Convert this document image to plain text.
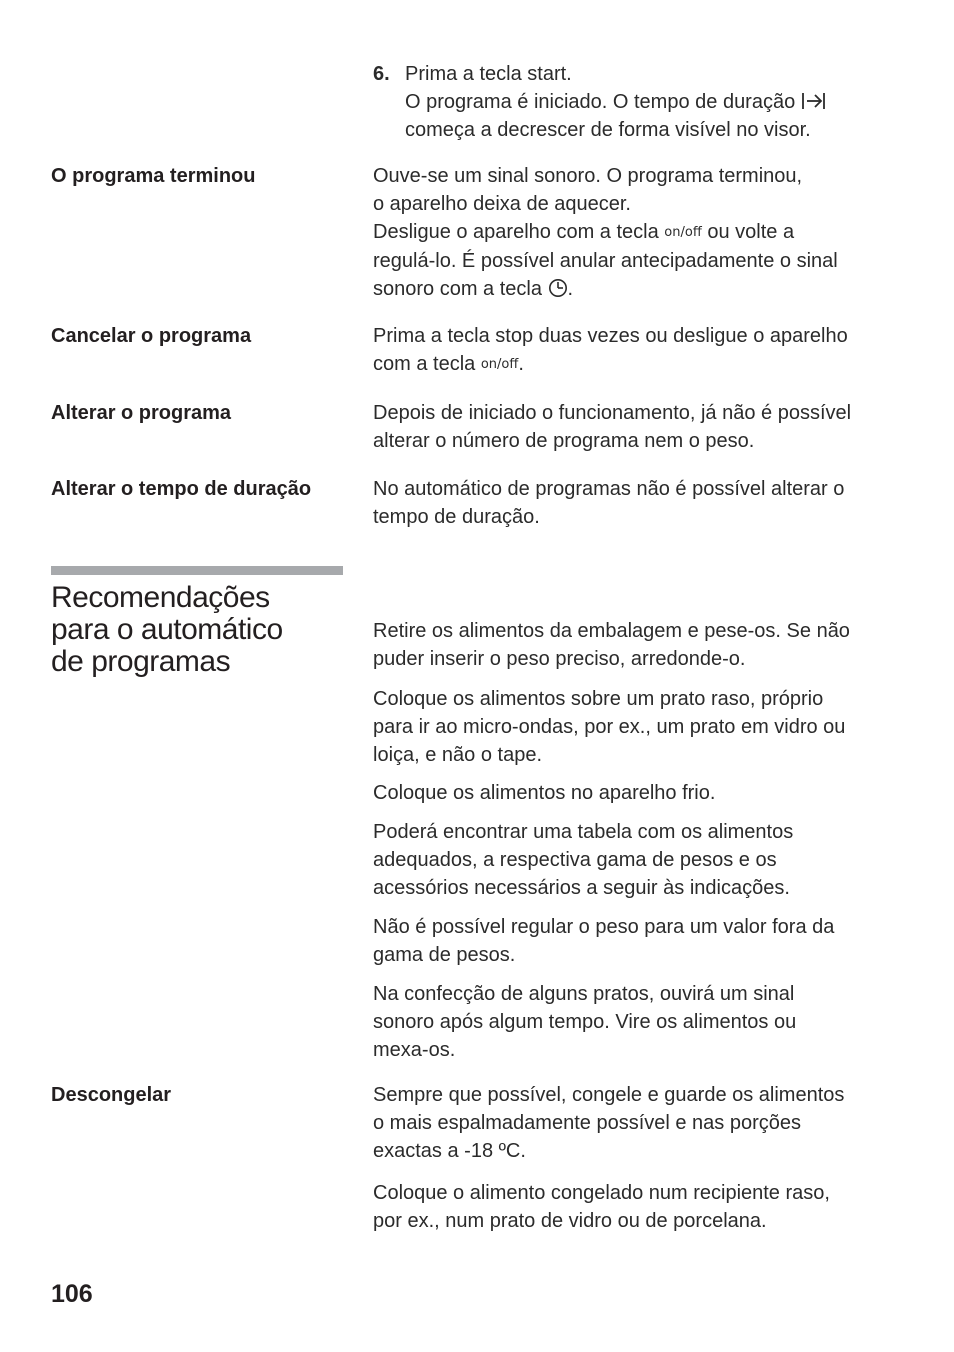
6. Prima a tecla start.
O programa é iniciado. O tempo de duração
começa a decrescer de forma visível no visor.
O programa terminou	Ouve-se um sinal sonoro. O programa terminou,
o aparelho deixa de aquecer.
Desligue o aparelho com a tecla on/off ou volte a
regulá-lo. É possível anular antecipadamente o sinal
sonoro com a tecla .
Cancelar o programa	Prima a tecla stop duas vezes ou desligue o aparelho
com a tecla on/off.
Alterar o programa	Depois de iniciado o funcionamento, já não é possível
alterar o número de programa nem o peso.
Alterar o tempo de duração	No automático de programas não é possível alterar o
tempo de duração.
Recomendações
para o automático
de programas
Retire os alimentos da embalagem e pese-os. Se não
puder inserir o peso preciso, arredonde-o.
Coloque os alimentos sobre um prato raso, próprio
para ir ao micro-ondas, por ex., um prato em vidro ou
loiça, e não o tape.
Coloque os alimentos no aparelho frio.
Poderá encontrar uma tabela com os alimentos
adequados, a respectiva gama de pesos e os
acessórios necessários a seguir às indicações.
Não é possível regular o peso para um valor fora da
gama de pesos.
Na confecção de alguns pratos, ouvirá um sinal
sonoro após algum tempo. Vire os alimentos ou
mexa-os.
Descongelar	Sempre que possível, congele e guarde os alimentos
o mais espalmadamente possível e nas porções
exactas a -18 ºC.
Coloque o alimento congelado num recipiente raso,
por ex., num prato de vidro ou de porcelana.
106
